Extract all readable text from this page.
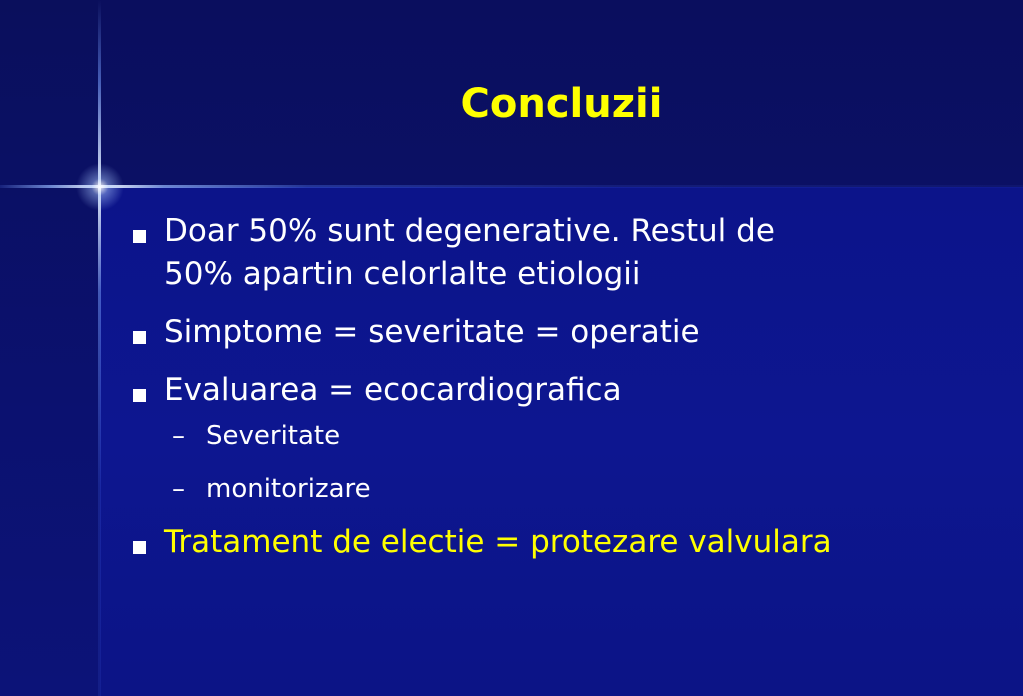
Concluzii
Doar 50% sunt degenerative. Restul de
50% apartin celorlalte etiologii
Simptome = severitate = operatie
Evaluarea = ecocardiografica
– Severitate
– monitorizare
Tratament de electie = protezare valvulara
